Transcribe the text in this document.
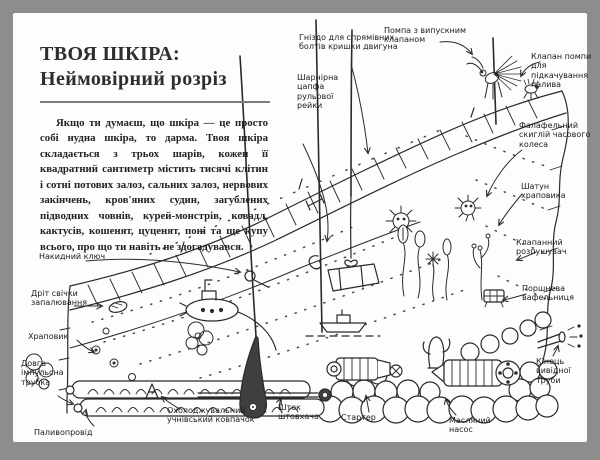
ТВОЯ ШКІРА:
Неймовірний розріз
Якщо ти думаєш, що шкіра — це просто собі нудна шкіра, то дарма. Твоя шкіра складається з трьох шарів, кожен її квадратний сантиметр містить тисячі клітин і сотні потових залоз, сальних залоз, нервових закінчень, кров'яних судин, загублених підводних човнів, курей-монстрів, ковадл, кактусів, кошенят, цуценят, поні та ще купу всього, про що ти навіть не здогадувався.
Гніздо для спрямівних болтів кришки двигуна
Помпа з випускним клапаном
Клапан помпи для підкачування палива
Шарнірна цапфа рульової рейки
Фалафельний скиглій часового колеса
Шатун храповика
Клапанний розпушувач
Поршнева вафельниця
Кінець вивідної труби
Накидний ключ
Дріт свічки запалювання
Храповик
Довга імпульсна трубка
Паливопровід
Охолоджувальний учнівський ковпачок
Шток штовхача	Стартер	Масляний насос
